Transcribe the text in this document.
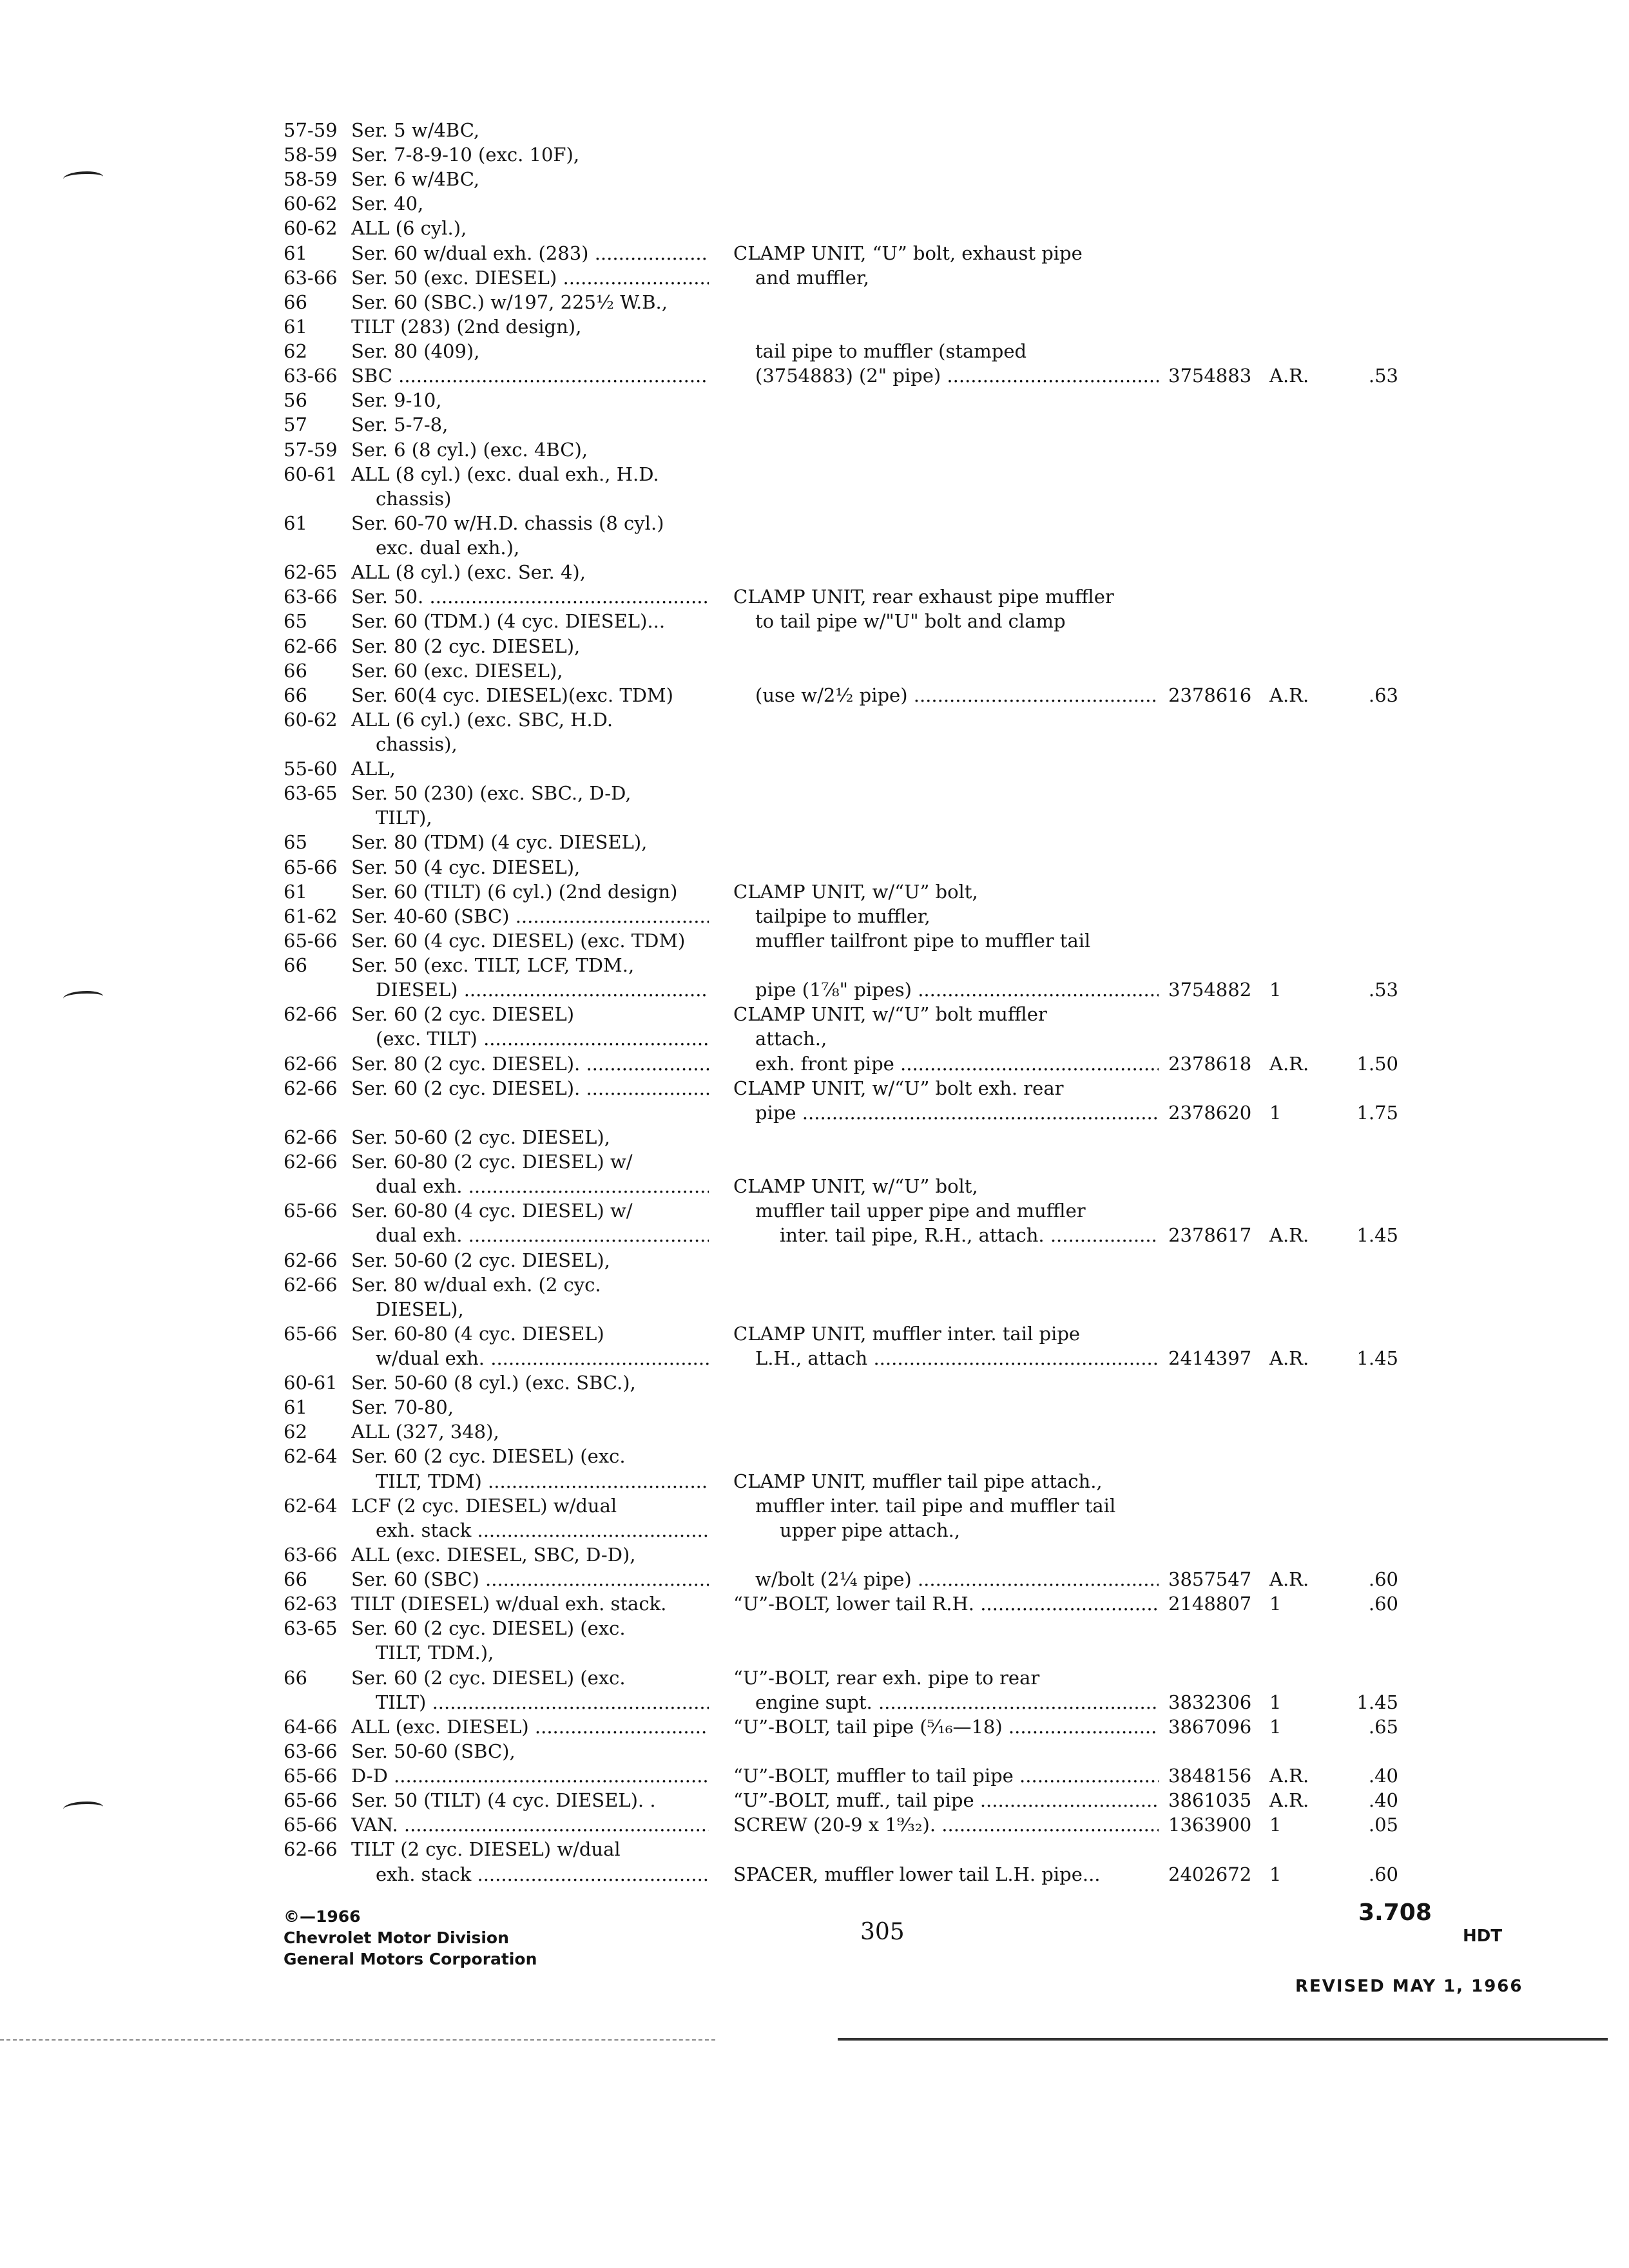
57-59 Ser. 5 w/4BC,
58-59 Ser. 7-8-9-10 (exc. 10F),
58-59 Ser. 6 w/4BC,
60-62 Ser. 40,
60-62 ALL (6 cyl.),
61 Ser. 60 w/dual exh. (283) .....	CLAMP UNIT, “U” bolt, exhaust pipe
63-66 Ser. 50 (exc. DIESEL) .....	and muffler,
66 Ser. 60 (SBC.) w/197, 225½ W.B.,
61 TILT (283) (2nd design),
62 Ser. 80 (409),	tail pipe to muffler (stamped
63-66 SBC .....	(3754883) (2" pipe) .....	3754883 A.R.	.53
56 Ser. 9-10,
57 Ser. 5-7-8,
57-59 Ser. 6 (8 cyl.) (exc. 4BC),
60-61 ALL (8 cyl.) (exc. dual exh., H.D.
chassis)
61 Ser. 60-70 w/H.D. chassis (8 cyl.)
exc. dual exh.),
62-65 ALL (8 cyl.) (exc. Ser. 4),
63-66 Ser. 50. .....	CLAMP UNIT, rear exhaust pipe muffler
65 Ser. 60 (TDM.) (4 cyc. DIESEL)...	to tail pipe w/"U" bolt and clamp
62-66 Ser. 80 (2 cyc. DIESEL),
66 Ser. 60 (exc. DIESEL),
66 Ser. 60(4 cyc. DIESEL)(exc. TDM)	(use w/2½ pipe) .....	2378616 A.R.	.63
60-62 ALL (6 cyl.) (exc. SBC, H.D.
chassis),
55-60 ALL,
63-65 Ser. 50 (230) (exc. SBC., D-D,
TILT),
65 Ser. 80 (TDM) (4 cyc. DIESEL),
65-66 Ser. 50 (4 cyc. DIESEL),
61 Ser. 60 (TILT) (6 cyl.) (2nd design)	CLAMP UNIT, w/“U” bolt,
61-62 Ser. 40-60 (SBC) .....	tailpipe to muffler,
65-66 Ser. 60 (4 cyc. DIESEL) (exc. TDM)	muffler tailfront pipe to muffler tail
66 Ser. 50 (exc. TILT, LCF, TDM.,
DIESEL) .....	pipe (1⅞" pipes) .....	3754882 1	.53
62-66 Ser. 60 (2 cyc. DIESEL)	CLAMP UNIT, w/“U” bolt muffler
(exc. TILT) .....	attach.,
62-66 Ser. 80 (2 cyc. DIESEL). .....	exh. front pipe .....	2378618 A.R.	1.50
62-66 Ser. 60 (2 cyc. DIESEL). .....	CLAMP UNIT, w/“U” bolt exh. rear
pipe .....	2378620 1	1.75
62-66 Ser. 50-60 (2 cyc. DIESEL),
62-66 Ser. 60-80 (2 cyc. DIESEL) w/
dual exh. .....	CLAMP UNIT, w/“U” bolt,
65-66 Ser. 60-80 (4 cyc. DIESEL) w/	muffler tail upper pipe and muffler
dual exh. .....	inter. tail pipe, R.H., attach. .....	2378617 A.R.	1.45
62-66 Ser. 50-60 (2 cyc. DIESEL),
62-66 Ser. 80 w/dual exh. (2 cyc.
DIESEL),
65-66 Ser. 60-80 (4 cyc. DIESEL)	CLAMP UNIT, muffler inter. tail pipe
w/dual exh. .....	L.H., attach .....	2414397 A.R.	1.45
60-61 Ser. 50-60 (8 cyl.) (exc. SBC.),
61 Ser. 70-80,
62 ALL (327, 348),
62-64 Ser. 60 (2 cyc. DIESEL) (exc.
TILT, TDM) .....	CLAMP UNIT, muffler tail pipe attach.,
62-64 LCF (2 cyc. DIESEL) w/dual	muffler inter. tail pipe and muffler tail
exh. stack .....	upper pipe attach.,
63-66 ALL (exc. DIESEL, SBC, D-D),
66 Ser. 60 (SBC) .....	w/bolt (2¼ pipe) .....	3857547 A.R.	.60
62-63 TILT (DIESEL) w/dual exh. stack.	“U”-BOLT, lower tail R.H. .....	2148807 1	.60
63-65 Ser. 60 (2 cyc. DIESEL) (exc.
TILT, TDM.),
66 Ser. 60 (2 cyc. DIESEL) (exc.	“U”-BOLT, rear exh. pipe to rear
TILT) .....	engine supt. .....	3832306 1	1.45
64-66 ALL (exc. DIESEL) .....	“U”-BOLT, tail pipe (⁵⁄₁₆—18) .....	3867096 1	.65
63-66 Ser. 50-60 (SBC),
65-66 D-D .....	“U”-BOLT, muffler to tail pipe .....	3848156 A.R.	.40
65-66 Ser. 50 (TILT) (4 cyc. DIESEL). .	“U”-BOLT, muff., tail pipe .....	3861035 A.R.	.40
65-66 VAN. .....	SCREW (20-9 x 1⁹⁄₃₂). .....	1363900 1	.05
62-66 TILT (2 cyc. DIESEL) w/dual
exh. stack .....	SPACER, muffler lower tail L.H. pipe...	2402672 1	.60
©—1966
Chevrolet Motor Division
General Motors Corporation
305
3.708
HDT
REVISED MAY 1, 1966
